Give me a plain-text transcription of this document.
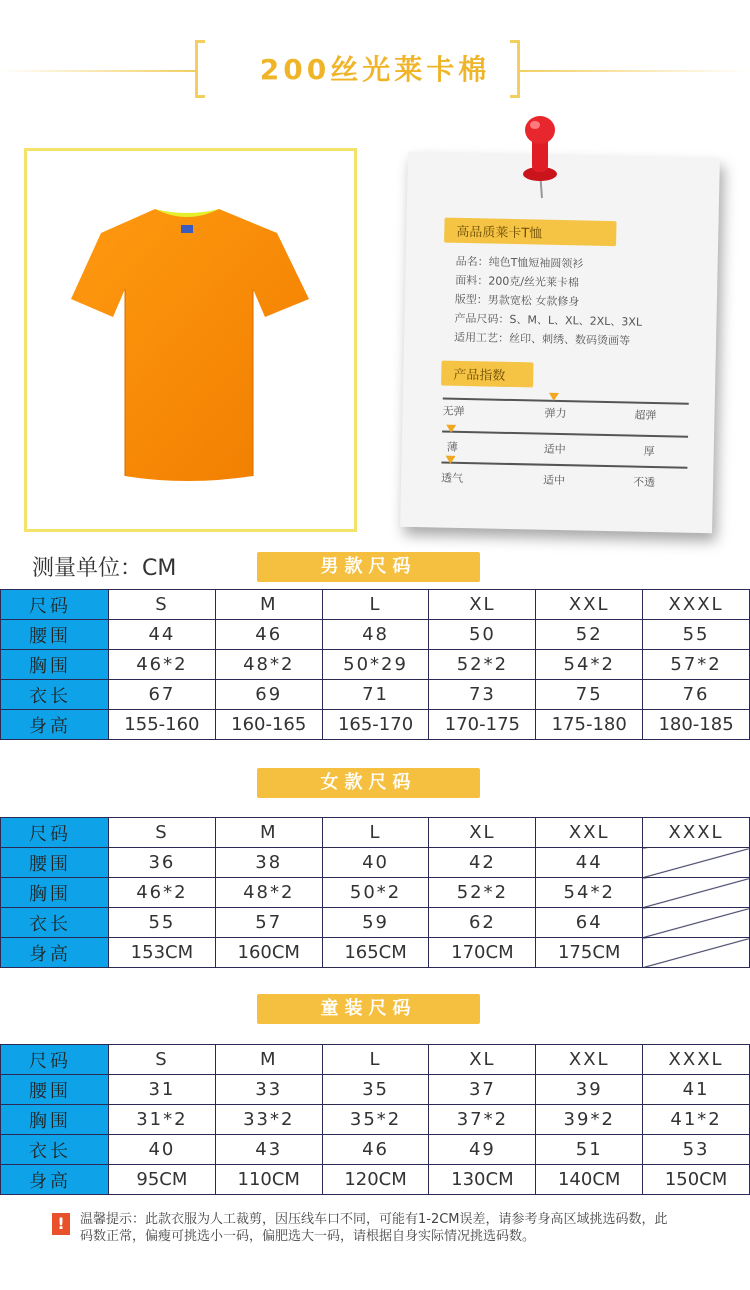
200丝光莱卡棉
高品质莱卡T恤
品名：纯色T恤短袖圆领衫
面料：200克/丝光莱卡棉
版型：男款宽松 女款修身
产品尺码：S、M、L、XL、2XL、3XL
适用工艺：丝印、刺绣、数码烫画等
产品指数
无弹	弹力	超弹
薄	适中	厚
透气	适中	不透
测量单位：CM	男款尺码
尺码	S	M	L	XL	XXL	XXXL
腰围	44	46	48	50	52	55
胸围	46*2	48*2	50*29	52*2	54*2	57*2
衣长	67	69	71	73	75	76
身高	155-160	160-165	165-170	170-175	175-180	180-185
女款尺码
尺码	S	M	L	XL	XXL	XXXL
腰围	36	38	40	42	44	
胸围	46*2	48*2	50*2	52*2	54*2	
衣长	55	57	59	62	64	
身高	153CM	160CM	165CM	170CM	175CM	
童装尺码
尺码	S	M	L	XL	XXL	XXXL
腰围	31	33	35	37	39	41
胸围	31*2	33*2	35*2	37*2	39*2	41*2
衣长	40	43	46	49	51	53
身高	95CM	110CM	120CM	130CM	140CM	150CM
!	温馨提示：此款衣服为人工裁剪，因压线车口不同，可能有1-2CM误差，请参考身高区域挑选码数，此码数正常，偏瘦可挑选小一码，偏肥选大一码，请根据自身实际情况挑选码数。
